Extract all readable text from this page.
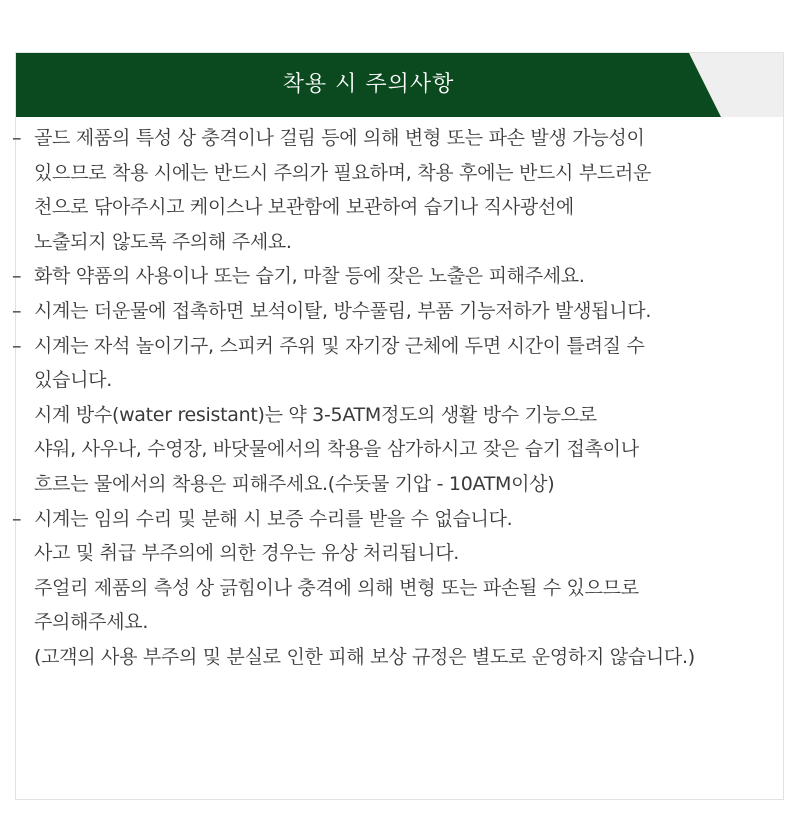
착용 시 주의사항
– 골드 제품의 특성 상 충격이나 걸림 등에 의해 변형 또는 파손 발생 가능성이
있으므로 착용 시에는 반드시 주의가 필요하며, 착용 후에는 반드시 부드러운
천으로 닦아주시고 케이스나 보관함에 보관하여 습기나 직사광선에
노출되지 않도록 주의해 주세요.
– 화학 약품의 사용이나 또는 습기, 마찰 등에 잦은 노출은 피해주세요.
– 시계는 더운물에 접촉하면 보석이탈, 방수풀림, 부품 기능저하가 발생됩니다.
– 시계는 자석 놀이기구, 스피커 주위 및 자기장 근체에 두면 시간이 틀려질 수
있습니다.
시계 방수(water resistant)는 약 3-5ATM정도의 생활 방수 기능으로
샤워, 사우나, 수영장, 바닷물에서의 착용을 삼가하시고 잦은 습기 접촉이나
흐르는 물에서의 착용은 피해주세요.(수돗물 기압 - 10ATM이상)
– 시계는 임의 수리 및 분해 시 보증 수리를 받을 수 없습니다.
사고 및 취급 부주의에 의한 경우는 유상 처리됩니다.
주얼리 제품의 측성 상 긁힘이나 충격에 의해 변형 또는 파손될 수 있으므로
주의해주세요.
(고객의 사용 부주의 및 분실로 인한 피해 보상 규정은 별도로 운영하지 않습니다.)
